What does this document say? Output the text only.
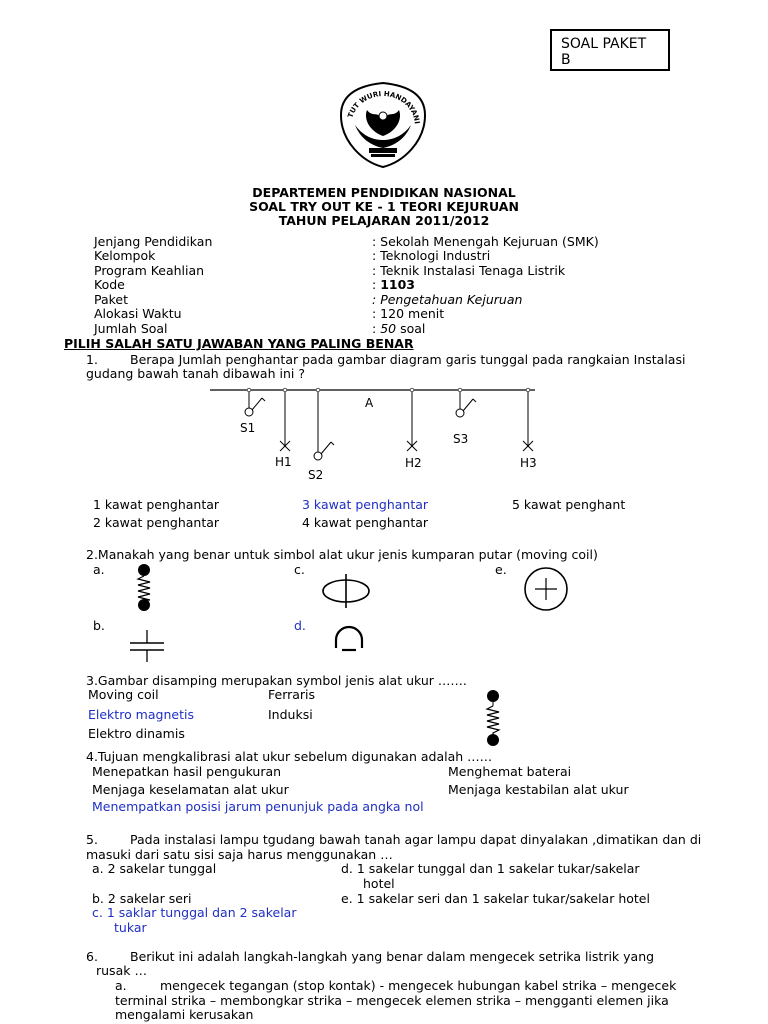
SOAL PAKET
B
TUT WURI HANDAYANI
DEPARTEMEN PENDIDIKAN NASIONAL
SOAL TRY OUT KE - 1 TEORI KEJURUAN
TAHUN PELAJARAN 2011/2012
Jenjang Pendidikan	: Sekolah Menengah Kejuruan (SMK)
Kelompok	: Teknologi Industri
Program Keahlian	: Teknik Instalasi Tenaga Listrik
Kode	: 1103
Paket	: Pengetahuan Kejuruan
Alokasi Waktu	: 120 menit
Jumlah Soal	: 50 soal
PILIH SALAH SATU JAWABAN YANG PALING BENAR
1.	Berapa Jumlah penghantar pada gambar diagram garis tunggal pada rangkaian Instalasi
gudang bawah tanah dibawah ini ?
A
S1
H1
S2
H2
S3
H3
1 kawat penghantar	3 kawat penghantar	5 kawat penghant
2 kawat penghantar	4 kawat penghantar
2.Manakah yang benar untuk simbol alat ukur jenis kumparan putar (moving coil)
a.	c.	e.
b.	d.
3.Gambar disamping merupakan symbol jenis alat ukur …….
Moving coil	Ferraris
Elektro magnetis	Induksi
Elektro dinamis
4.Tujuan mengkalibrasi alat ukur sebelum digunakan adalah ……
Menepatkan hasil pengukuran	Menghemat baterai
Menjaga keselamatan alat ukur	Menjaga kestabilan alat ukur
Menempatkan posisi jarum penunjuk pada angka nol
5.	Pada instalasi lampu tgudang bawah tanah agar lampu dapat dinyalakan ,dimatikan dan di
masuki dari satu sisi saja harus menggunakan …
a. 2 sakelar tunggal	d. 1 sakelar tunggal dan 1 sakelar tukar/sakelar
hotel
b. 2 sakelar seri	e. 1 sakelar seri dan 1 sakelar tukar/sakelar hotel
c. 1 saklar tunggal dan 2 sakelar
tukar
6.	Berikut ini adalah langkah-langkah yang benar dalam mengecek setrika listrik yang
rusak …
a.	mengecek tegangan (stop kontak) - mengecek hubungan kabel strika – mengecek
terminal strika – membongkar strika – mengecek elemen strika – mengganti elemen jika
mengalami kerusakan
